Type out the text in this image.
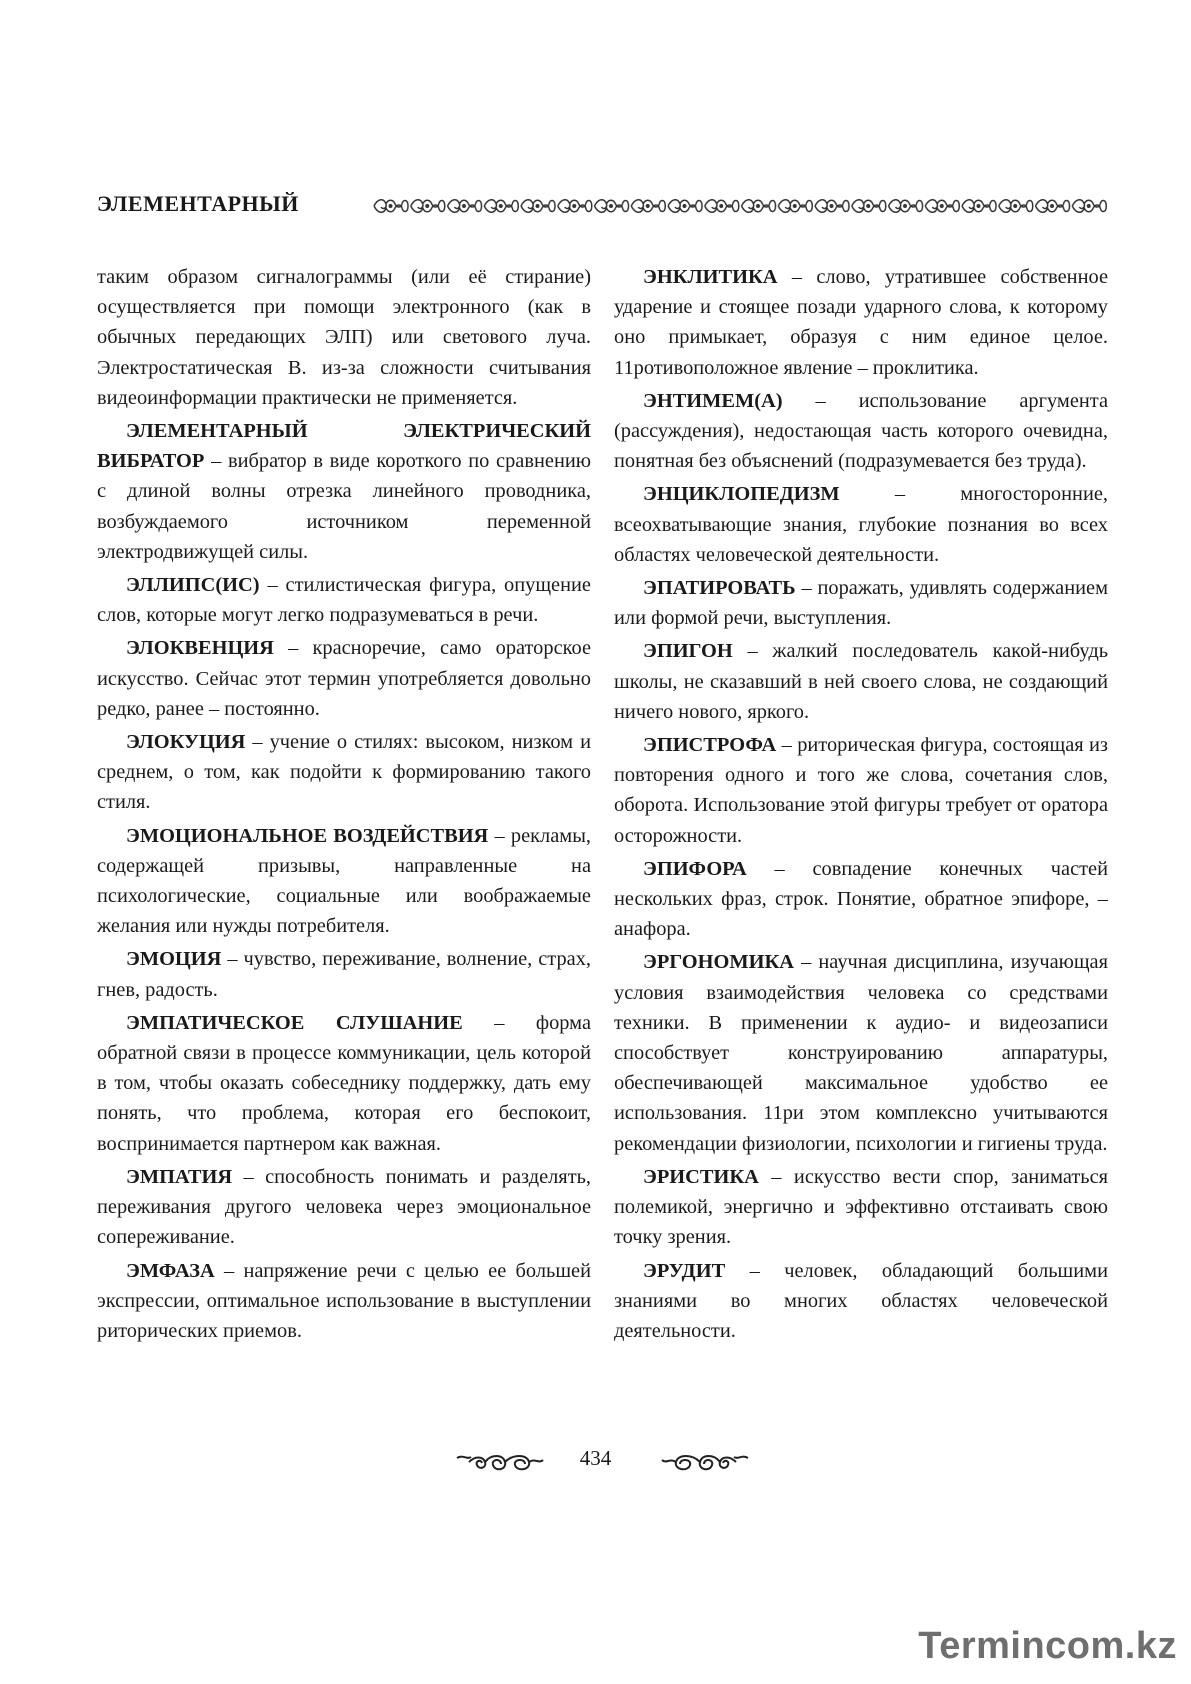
ЭЛЕМЕНТАРНЫЙ

таким образом сигналограммы (или её стирание) осуществляется при помощи электронного (как в обычных передающих ЭЛП) или светового луча. Электростатическая В. из-за сложности считывания видеоинформации практически не применяется.

ЭЛЕМЕНТАРНЫЙ ЭЛЕКТРИЧЕСКИЙ ВИБРАТОР – вибратор в виде короткого по сравнению с длиной волны отрезка линейного проводника, возбуждаемого источником переменной электродвижущей силы.

ЭЛЛИПС(ИС) – стилистическая фигура, опущение слов, которые могут легко подразумеваться в речи.

ЭЛОКВЕНЦИЯ – красноречие, само ораторское искусство. Сейчас этот термин употребляется довольно редко, ранее – постоянно.

ЭЛОКУЦИЯ – учение о стилях: высоком, низком и среднем, о том, как подойти к формированию такого стиля.

ЭМОЦИОНАЛЬНОЕ ВОЗДЕЙСТВИЯ – рекламы, содержащей призывы, направленные на психологические, социальные или воображаемые желания или нужды потребителя.

ЭМОЦИЯ – чувство, переживание, волнение, страх, гнев, радость.

ЭМПАТИЧЕСКОЕ СЛУШАНИЕ – форма обратной связи в процессе коммуникации, цель которой в том, чтобы оказать собеседнику поддержку, дать ему понять, что проблема, которая его беспокоит, воспринимается партнером как важная.

ЭМПАТИЯ – способность понимать и разделять, переживания другого человека через эмоциональное сопереживание.

ЭМФАЗА – напряжение речи с целью ее большей экспрессии, оптимальное использование в выступлении риторических приемов.

ЭНКЛИТИКА – слово, утратившее собственное ударение и стоящее позади ударного слова, к которому оно примыкает, образуя с ним единое целое. 11ротивоположное явление – проклитика.

ЭНТИМЕМ(А) – использование аргумента (рассуждения), недостающая часть которого очевидна, понятная без объяснений (подразумевается без труда).

ЭНЦИКЛОПЕДИЗМ – многосторонние, всеохватывающие знания, глубокие познания во всех областях человеческой деятельности.

ЭПАТИРОВАТЬ – поражать, удивлять содержанием или формой речи, выступления.

ЭПИГОН – жалкий последователь какой-нибудь школы, не сказавший в ней своего слова, не создающий ничего нового, яркого.

ЭПИСТРОФА – риторическая фигура, состоящая из повторения одного и того же слова, сочетания слов, оборота. Использование этой фигуры требует от оратора осторожности.

ЭПИФОРА – совпадение конечных частей нескольких фраз, строк. Понятие, обратное эпифоре, – анафора.

ЭРГОНОМИКА – научная дисциплина, изучающая условия взаимодействия человека со средствами техники. В применении к аудио- и видеозаписи способствует конструированию аппаратуры, обеспечивающей максимальное удобство ее использования. 11ри этом комплексно учитываются рекомендации физиологии, психологии и гигиены труда.

ЭРИСТИКА – искусство вести спор, заниматься полемикой, энергично и эффективно отстаивать свою точку зрения.

ЭРУДИТ – человек, обладающий большими знаниями во многих областях человеческой деятельности.

434
Termincom.kz
